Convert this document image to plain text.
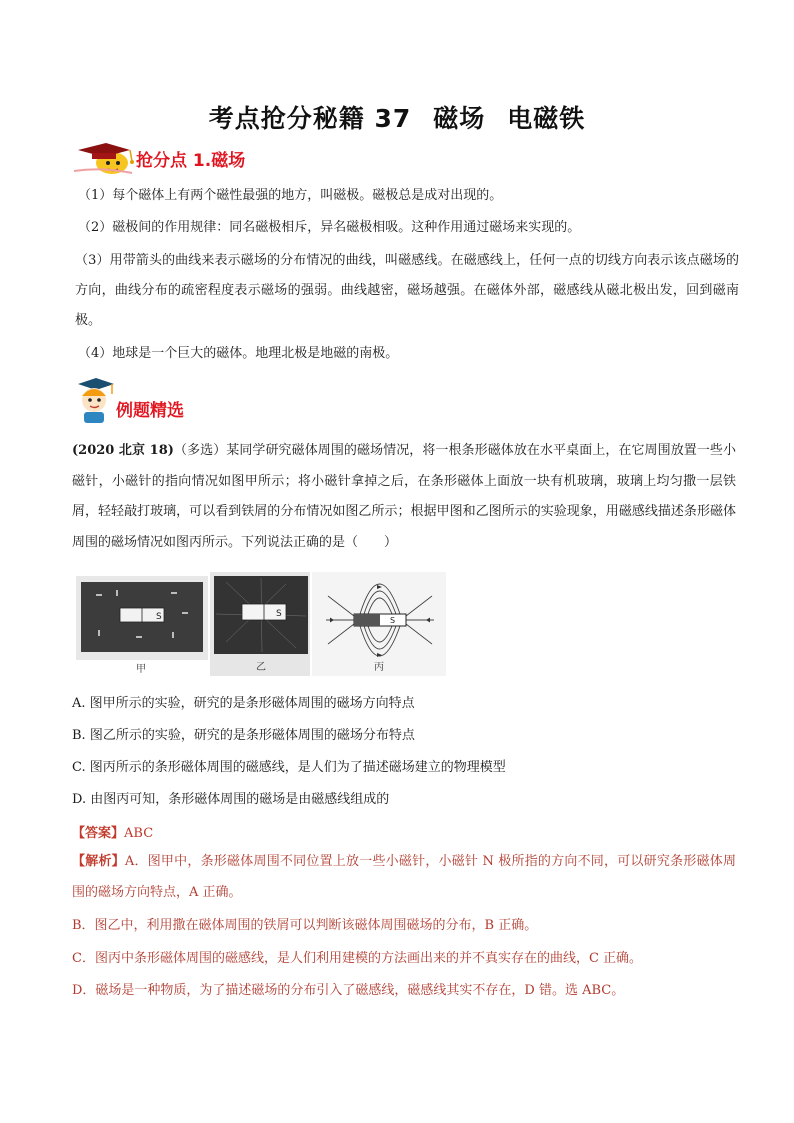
考点抢分秘籍 37 磁场 电磁铁
抢分点 1.磁场
（1）每个磁体上有两个磁性最强的地方，叫磁极。磁极总是成对出现的。
（2）磁极间的作用规律：同名磁极相斥，异名磁极相吸。这种作用通过磁场来实现的。
（3）用带箭头的曲线来表示磁场的分布情况的曲线，叫磁感线。在磁感线上，任何一点的切线方向表示该点磁场的方向，曲线分布的疏密程度表示磁场的强弱。曲线越密，磁场越强。在磁体外部，磁感线从磁北极出发，回到磁南极。
（4）地球是一个巨大的磁体。地理北极是地磁的南极。
例题精选
(2020 北京 18)（多选）某同学研究磁体周围的磁场情况，将一根条形磁体放在水平桌面上，在它周围放置一些小磁针，小磁针的指向情况如图甲所示；将小磁针拿掉之后，在条形磁体上面放一块有机玻璃，玻璃上均匀撒一层铁屑，轻轻敲打玻璃，可以看到铁屑的分布情况如图乙所示；根据甲图和乙图所示的实验现象，用磁感线描述条形磁体周围的磁场情况如图丙所示。下列说法正确的是（　　）
S
甲
S
乙
S
丙
A. 图甲所示的实验，研究的是条形磁体周围的磁场方向特点
B. 图乙所示的实验，研究的是条形磁体周围的磁场分布特点
C. 图丙所示的条形磁体周围的磁感线，是人们为了描述磁场建立的物理模型
D. 由图丙可知，条形磁体周围的磁场是由磁感线组成的
【答案】ABC
【解析】A．图甲中，条形磁体周围不同位置上放一些小磁针，小磁针 N 极所指的方向不同，可以研究条形磁体周围的磁场方向特点，A 正确。
B．图乙中，利用撒在磁体周围的铁屑可以判断该磁体周围磁场的分布，B 正确。
C．图丙中条形磁体周围的磁感线，是人们利用建模的方法画出来的并不真实存在的曲线，C 正确。
D．磁场是一种物质，为了描述磁场的分布引入了磁感线，磁感线其实不存在，D 错。选 ABC。
